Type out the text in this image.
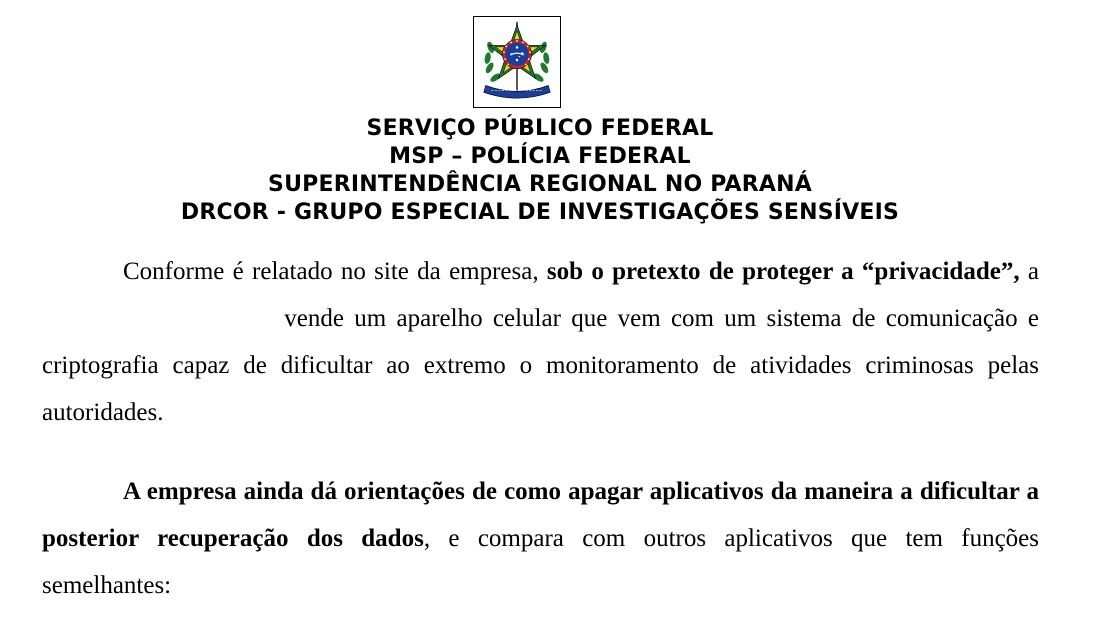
SERVIÇO PÚBLICO FEDERAL
MSP – POLÍCIA FEDERAL
SUPERINTENDÊNCIA REGIONAL NO PARANÁ
DRCOR - GRUPO ESPECIAL DE INVESTIGAÇÕES SENSÍVEIS
Conforme é relatado no site da empresa, sob o pretexto de proteger a “privacidade”, a  vende um aparelho celular que vem com um sistema de comunicação e criptografia capaz de dificultar ao extremo o monitoramento de atividades criminosas pelas autoridades.
A empresa ainda dá orientações de como apagar aplicativos da maneira a dificultar a posterior recuperação dos dados, e compara com outros aplicativos que tem funções semelhantes:
